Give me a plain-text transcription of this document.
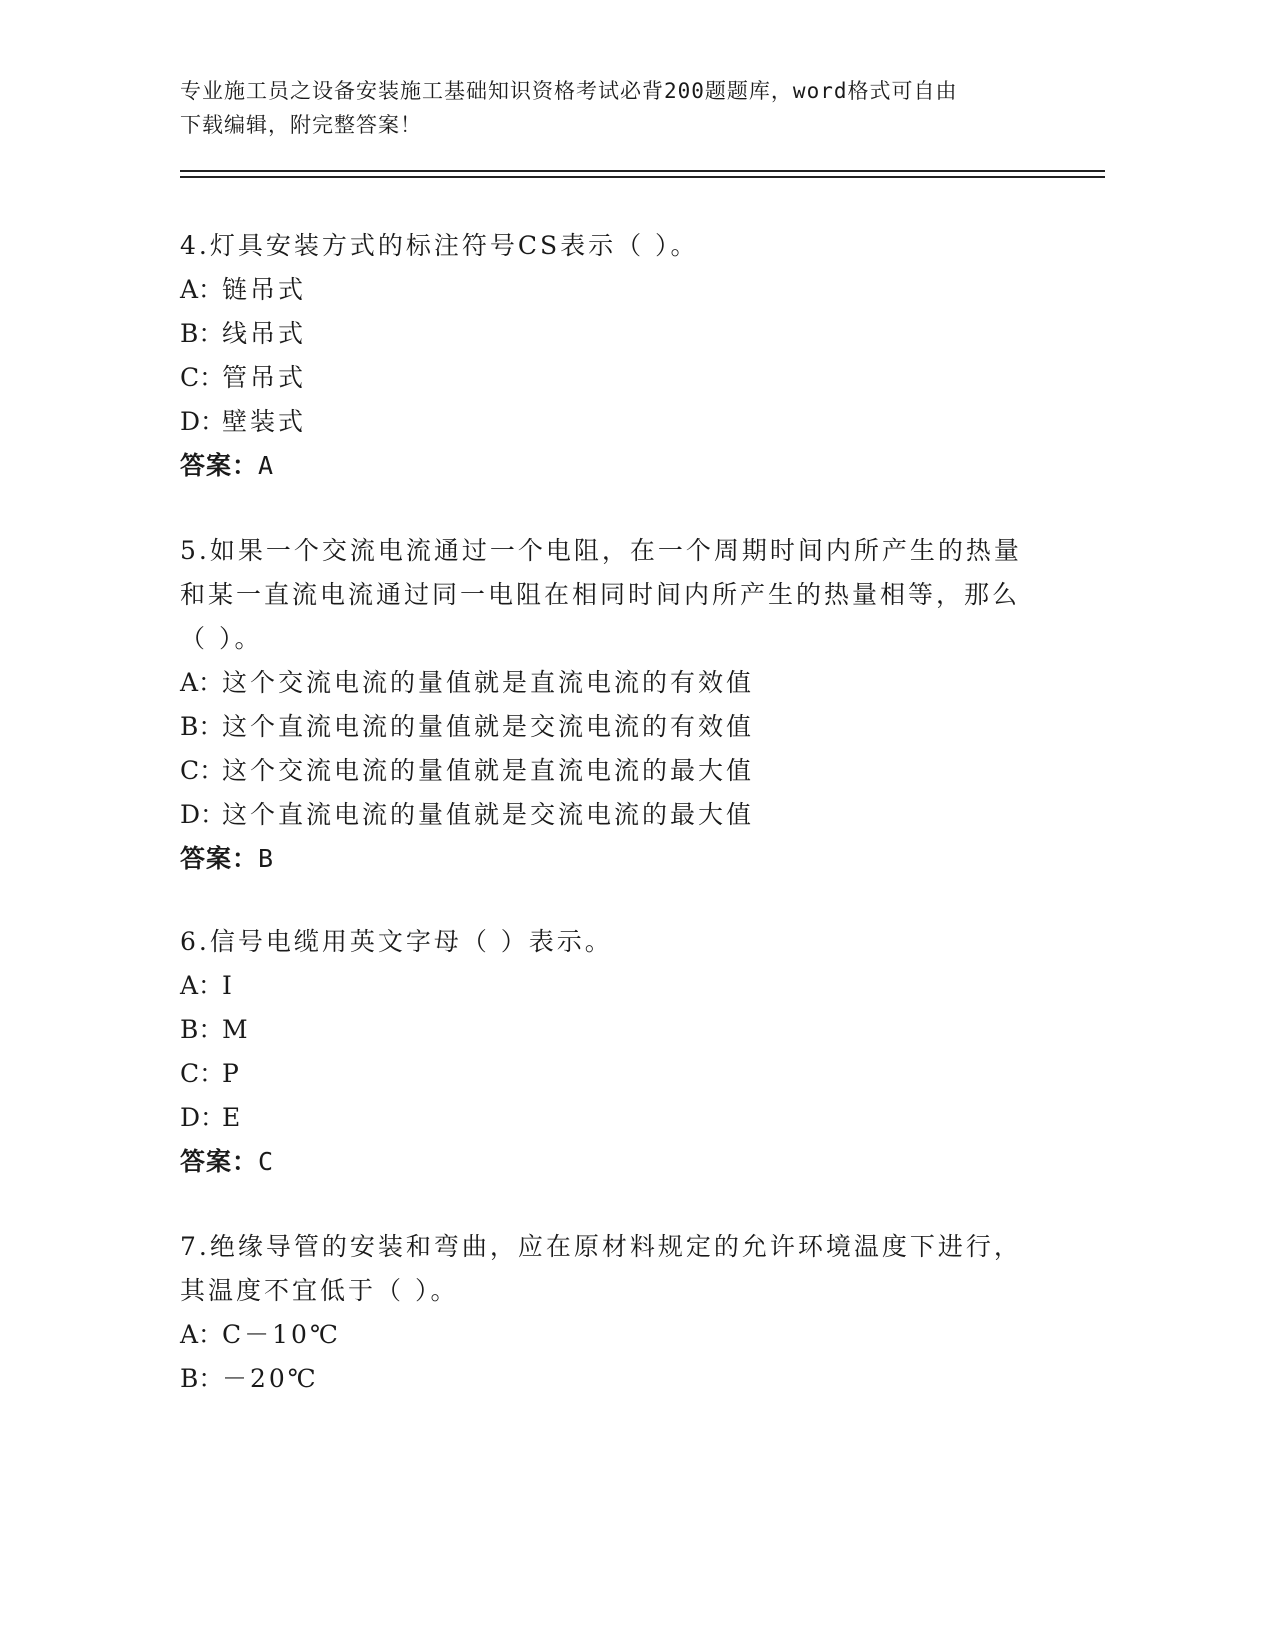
专业施工员之设备安装施工基础知识资格考试必背200题题库，word格式可自由
下载编辑，附完整答案！
4.灯具安装方式的标注符号CS表示（ ）。
A：链吊式
B：线吊式
C：管吊式
D：壁装式
答案：A
5.如果一个交流电流通过一个电阻，在一个周期时间内所产生的热量
和某一直流电流通过同一电阻在相同时间内所产生的热量相等，那么
（ ）。
A：这个交流电流的量值就是直流电流的有效值
B：这个直流电流的量值就是交流电流的有效值
C：这个交流电流的量值就是直流电流的最大值
D：这个直流电流的量值就是交流电流的最大值
答案：B
6.信号电缆用英文字母（ ）表示。
A：I
B：M
C：P
D：E
答案：C
7.绝缘导管的安装和弯曲，应在原材料规定的允许环境温度下进行，
其温度不宜低于（ ）。
A：C－10℃
B：－20℃
